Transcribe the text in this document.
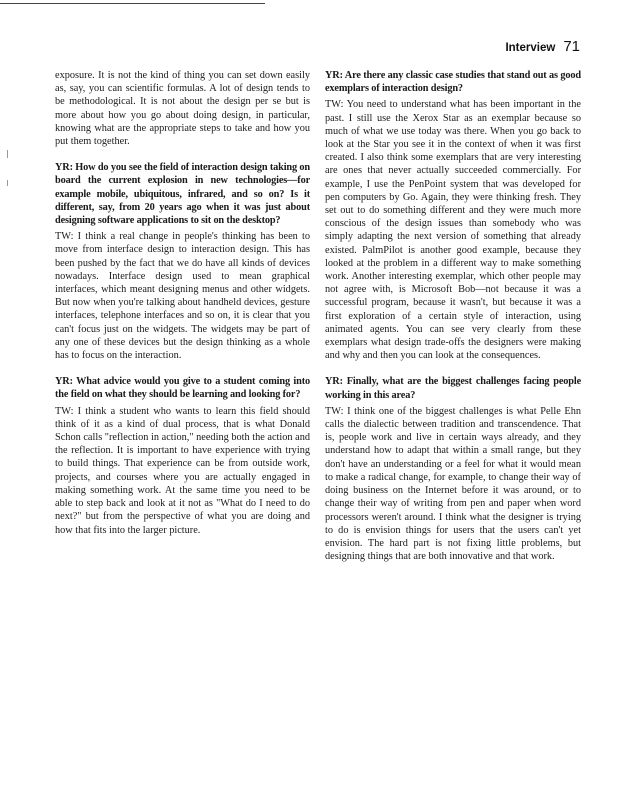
Interview 71

exposure. It is not the kind of thing you can set down easily as, say, you can scientific formulas. A lot of design tends to be methodological. It is not about the design per se but is more about how you go about doing design, in particular, knowing what are the appropriate steps to take and how you put them together.

YR: How do you see the field of interaction design taking on board the current explosion in new technologies—for example mobile, ubiquitous, infrared, and so on? Is it different, say, from 20 years ago when it was just about designing software applications to sit on the desktop?

TW: I think a real change in people's thinking has been to move from interface design to interaction design. This has been pushed by the fact that we do have all kinds of devices nowadays. Interface design used to mean graphical interfaces, which meant designing menus and other widgets. But now when you're talking about handheld devices, gesture interfaces, telephone interfaces and so on, it is clear that you can't focus just on the widgets. The widgets may be part of any one of these devices but the design thinking as a whole has to focus on the interaction.

YR: What advice would you give to a student coming into the field on what they should be learning and looking for?

TW: I think a student who wants to learn this field should think of it as a kind of dual process, that is what Donald Schon calls "reflection in action," needing both the action and the reflection. It is important to have experience with trying to build things. That experience can be from outside work, projects, and courses where you are actually engaged in making something work. At the same time you need to be able to step back and look at it not as "What do I need to do next?" but from the perspective of what you are doing and how that fits into the larger picture.

YR: Are there any classic case studies that stand out as good exemplars of interaction design?

TW: You need to understand what has been important in the past. I still use the Xerox Star as an exemplar because so much of what we use today was there. When you go back to look at the Star you see it in the context of when it was first created. I also think some exemplars that are very interesting are ones that never actually succeeded commercially. For example, I use the PenPoint system that was developed for pen computers by Go. Again, they were thinking fresh. They set out to do something different and they were much more conscious of the design issues than somebody who was simply adapting the next version of something that already existed. PalmPilot is another good example, because they looked at the problem in a different way to make something work. Another interesting exemplar, which other people may not agree with, is Microsoft Bob—not because it was a successful program, because it wasn't, but because it was a first exploration of a certain style of interaction, using animated agents. You can see very clearly from these exemplars what design trade-offs the designers were making and why and then you can look at the consequences.

YR: Finally, what are the biggest challenges facing people working in this area?

TW: I think one of the biggest challenges is what Pelle Ehn calls the dialectic between tradition and transcendence. That is, people work and live in certain ways already, and they understand how to adapt that within a small range, but they don't have an understanding or a feel for what it would mean to make a radical change, for example, to change their way of doing business on the Internet before it was around, or to change their way of writing from pen and paper when word processors weren't around. I think what the designer is trying to do is envision things for users that the users can't yet envision. The hard part is not fixing little problems, but designing things that are both innovative and that work.
